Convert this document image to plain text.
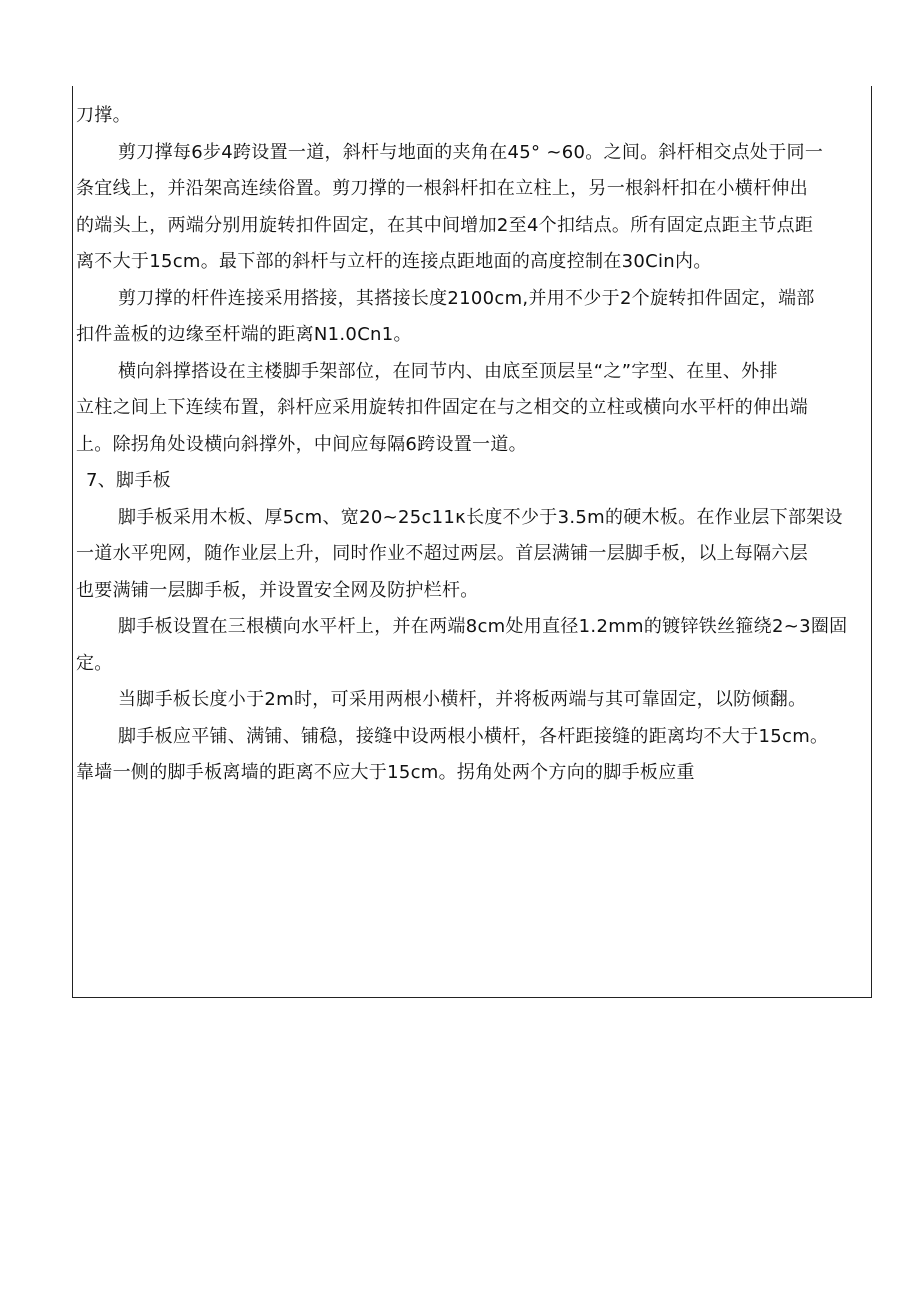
刀撑。

剪刀撑每6步4跨设置一道，斜杆与地面的夹角在45° ~60。之间。斜杆相交点处于同一

条宜线上，并沿架高连续俗置。剪刀撑的一根斜杆扣在立柱上，另一根斜杆扣在小横杆伸出

的端头上，两端分别用旋转扣件固定，在其中间增加2至4个扣结点。所有固定点距主节点距

离不大于15cm。最下部的斜杆与立杆的连接点距地面的高度控制在30Cin内。

剪刀撑的杆件连接采用搭接，其搭接长度2100cm,并用不少于2个旋转扣件固定，端部

扣件盖板的边缘至杆端的距离N1.0Cn1。

横向斜撑搭设在主楼脚手架部位，在同节内、由底至顶层呈“之”字型、在里、外排

立柱之间上下连续布置，斜杆应采用旋转扣件固定在与之相交的立柱或横向水平杆的伸出端

上。除拐角处设横向斜撑外，中间应每隔6跨设置一道。

7、脚手板

脚手板采用木板、厚5cm、宽20~25c11κ长度不少于3.5m的硬木板。在作业层下部架设

一道水平兜网，随作业层上升，同时作业不超过两层。首层满铺一层脚手板，以上每隔六层

也要满铺一层脚手板，并设置安全网及防护栏杆。

脚手板设置在三根横向水平杆上，并在两端8cm处用直径1.2mm的镀锌铁丝箍绕2~3圈固

定。

当脚手板长度小于2m时，可采用两根小横杆，并将板两端与其可靠固定，以防倾翻。

脚手板应平铺、满铺、铺稳，接缝中设两根小横杆，各杆距接缝的距离均不大于15cm。

靠墙一侧的脚手板离墙的距离不应大于15cm。拐角处两个方向的脚手板应重
